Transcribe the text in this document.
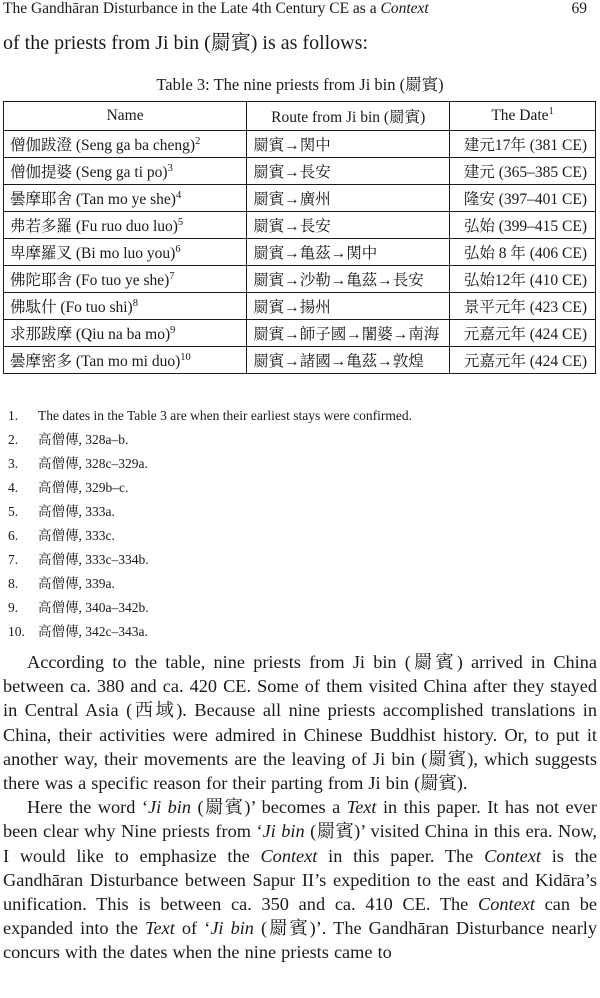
The Gandhāran Disturbance in the Late 4th Century CE as a Context	69
of the priests from Ji bin (罽賓) is as follows:
Table 3: The nine priests from Ji bin (罽賓)
Name	Route from Ji bin (罽賓)	The Date$^1$
僧伽跋澄 (Seng ga ba cheng)$^2$	罽賓→関中	建元17年 (381 CE)
僧伽提婆 (Seng ga ti po)$^3$	罽賓→長安	建元 (365–385 CE)
曇摩耶舍 (Tan mo ye she)$^4$	罽賓→廣州	隆安 (397–401 CE)
弗若多羅 (Fu ruo duo luo)$^5$	罽賓→長安	弘始 (399–415 CE)
卑摩羅叉 (Bi mo luo you)$^6$	罽賓→亀茲→関中	弘始 8 年 (406 CE)
佛陀耶舎 (Fo tuo ye she)$^7$	罽賓→沙勒→亀茲→長安	弘始12年 (410 CE)
佛駄什 (Fo tuo shi)$^8$	罽賓→揚州	景平元年 (423 CE)
求那跋摩 (Qiu na ba mo)$^9$	罽賓→師子國→闍婆→南海	元嘉元年 (424 CE)
曇摩密多 (Tan mo mi duo)$^{10}$	罽賓→諸國→亀茲→敦煌	元嘉元年 (424 CE)
1. The dates in the Table 3 are when their earliest stays were confirmed.
2. 高僧傳, 328a–b.
3. 高僧傳, 328c–329a.
4. 高僧傳, 329b–c.
5. 高僧傳, 333a.
6. 高僧傳, 333c.
7. 高僧傳, 333c–334b.
8. 高僧傳, 339a.
9. 高僧傳, 340a–342b.
10. 高僧傳, 342c–343a.

According to the table, nine priests from Ji bin (罽賓) arrived in China between ca. 380 and ca. 420 CE. Some of them visited China after they stayed in Central Asia (西域). Because all nine priests accomplished translations in China, their activities were admired in Chinese Buddhist history. Or, to put it another way, their movements are the leaving of Ji bin (罽賓), which suggests there was a specific reason for their parting from Ji bin (罽賓).

Here the word ‘Ji bin (罽賓)’ becomes a Text in this paper. It has not ever been clear why Nine priests from ‘Ji bin (罽賓)’ visited China in this era. Now, I would like to emphasize the Context in this paper. The Context is the Gandhāran Disturbance between Sapur II’s expedition to the east and Kidāra’s unification. This is between ca. 350 and ca. 410 CE. The Context can be expanded into the Text of ‘Ji bin (罽賓)’. The Gandhāran Disturbance nearly concurs with the dates when the nine priests came to
